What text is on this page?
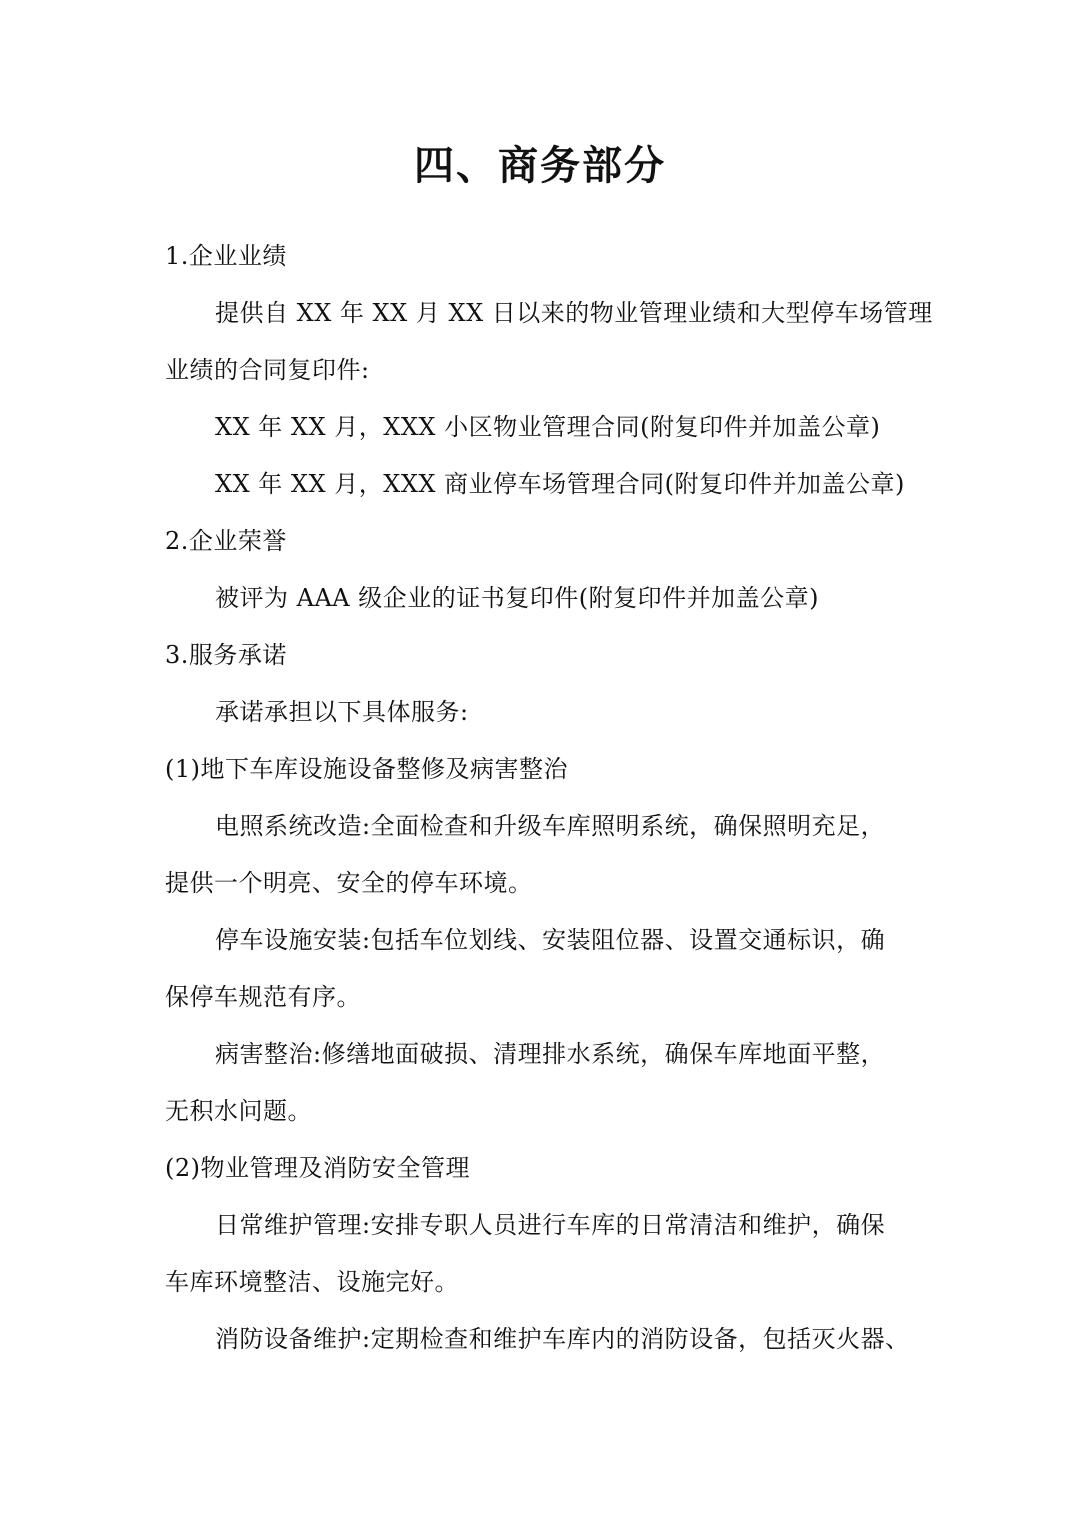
四、商务部分
1.企业业绩
提供自 XX 年 XX 月 XX 日以来的物业管理业绩和大型停车场管理
业绩的合同复印件:
XX 年 XX 月，XXX 小区物业管理合同(附复印件并加盖公章)
XX 年 XX 月，XXX 商业停车场管理合同(附复印件并加盖公章)
2.企业荣誉
被评为 AAA 级企业的证书复印件(附复印件并加盖公章)
3.服务承诺
承诺承担以下具体服务:
(1)地下车库设施设备整修及病害整治
电照系统改造:全面检查和升级车库照明系统，确保照明充足，
提供一个明亮、安全的停车环境。
停车设施安装:包括车位划线、安装阻位器、设置交通标识，确
保停车规范有序。
病害整治:修缮地面破损、清理排水系统，确保车库地面平整，
无积水问题。
(2)物业管理及消防安全管理
日常维护管理:安排专职人员进行车库的日常清洁和维护，确保
车库环境整洁、设施完好。
消防设备维护:定期检查和维护车库内的消防设备，包括灭火器、
